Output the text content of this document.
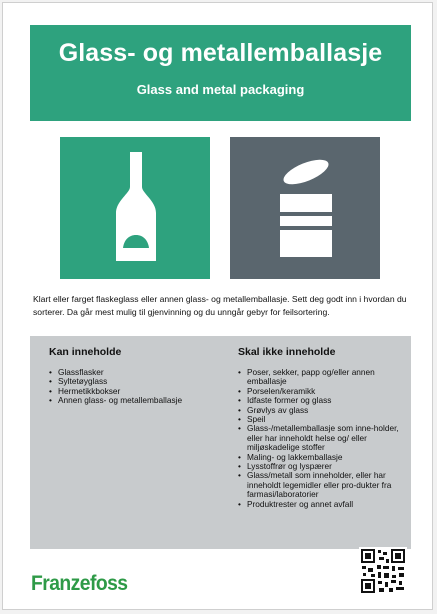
Glass- og metallemballasje
Glass and metal packaging
Klart eller farget flaskeglass eller annen glass- og metallemballasje. Sett deg godt inn i hvordan du sorterer. Da går mest mulig til gjenvinning og du unngår gebyr for feilsortering.
Kan inneholde
• Glassflasker
• Syltetøyglass
• Hermetikkbokser
• Annen glass- og metallemballasje
Skal ikke inneholde
• Poser, sekker, papp og/eller annen emballasje
• Porselen/keramikk
• Idfaste former og glass
• Grøvlys av glass
• Speil
• Glass-/metallemballasje som inne-holder, eller har inneholdt helse og/ eller miljøskadelige stoffer
• Maling- og lakkemballasje
• Lysstoffrør og lyspærer
• Glass/metall som inneholder, eller har inneholdt legemidler eller pro-dukter fra farmasi/laboratorier
• Produktrester og annet avfall
Franzefoss
